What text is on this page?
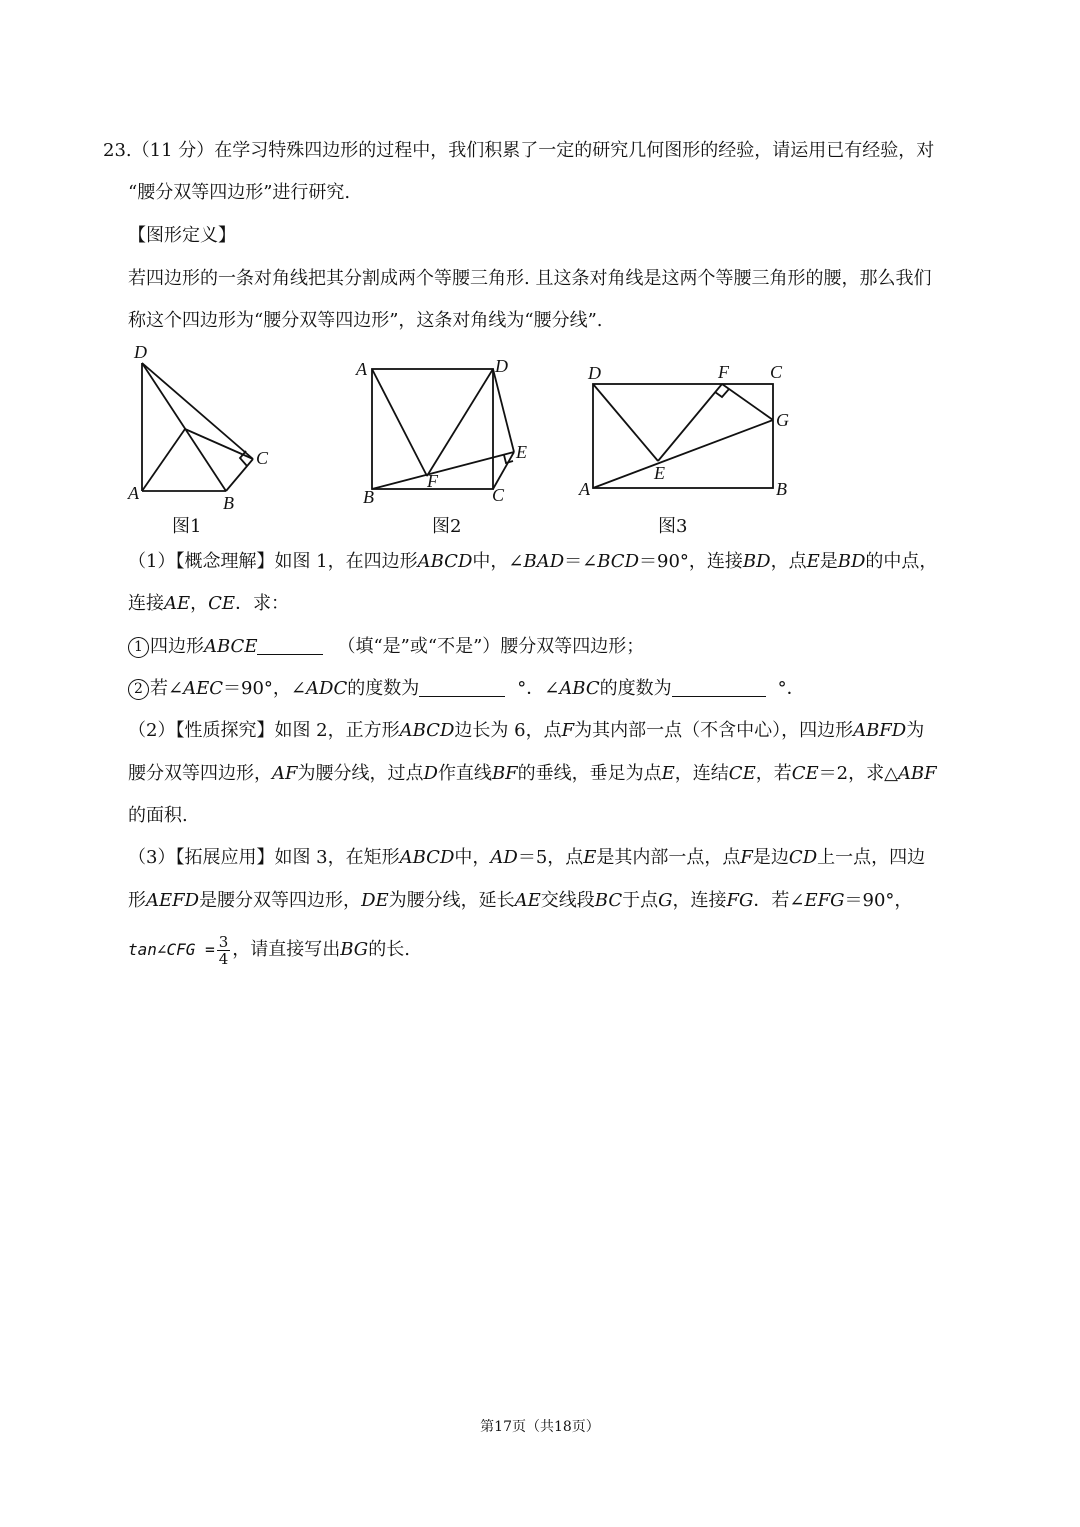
23.（11 分）在学习特殊四边形的过程中，我们积累了一定的研究几何图形的经验，请运用已有经验，对
“腰分双等四边形”进行研究.
【图形定义】
若四边形的一条对角线把其分割成两个等腰三角形. 且这条对角线是这两个等腰三角形的腰，那么我们
称这个四边形为“腰分双等四边形”，这条对角线为“腰分线”.
D
A	B
C
图1
A	D
E
F
B	C
图2
D	F C
G
E
A	B
图3
（1）【概念理解】如图 1，在四边形ABCD中，∠BAD＝∠BCD＝90°，连接BD，点E是BD的中点，
连接AE，CE．求：
1 四边形ABCE	（填“是”或“不是”）腰分双等四边形；
2 若∠AEC＝90°，∠ADC的度数为	°．∠ABC的度数为	°．
（2）【性质探究】如图 2，正方形ABCD边长为 6，点F为其内部一点（不含中心），四边形ABFD为
腰分双等四边形，AF为腰分线，过点D作直线BF的垂线，垂足为点E，连结CE，若CE＝2，求△ABF
的面积.
（3）【拓展应用】如图 3，在矩形ABCD中，AD＝5，点E是其内部一点，点F是边CD上一点，四边
形AEFD是腰分双等四边形，DE为腰分线，延长AE交线段BC于点G，连接FG．若∠EFG＝90°，
tan∠CFG = $\frac{3}{4}$ ，请直接写出BG的长.
第17页（共18页）
